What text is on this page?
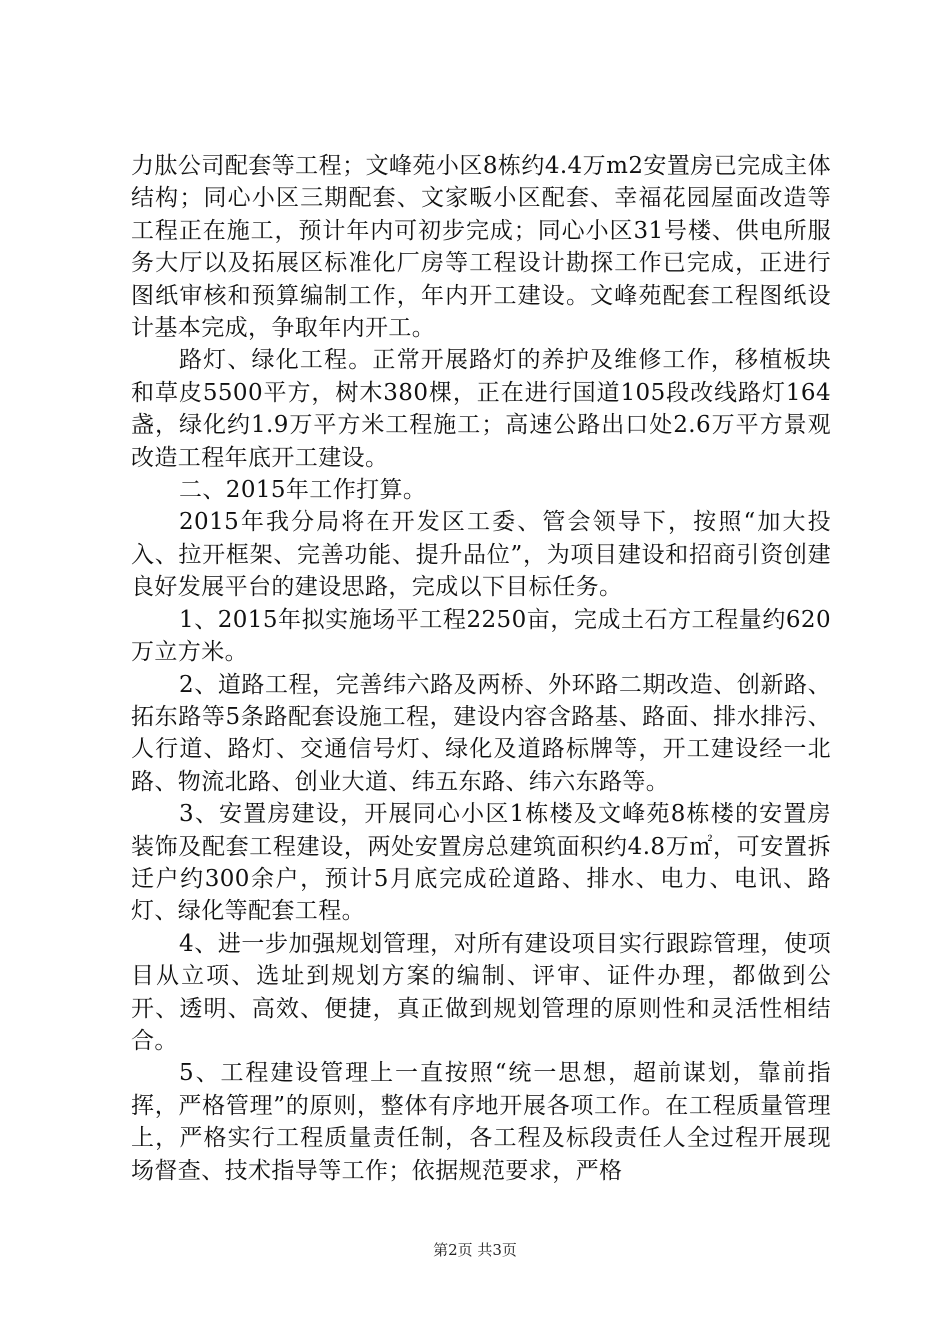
力肽公司配套等工程；文峰苑小区8栋约4.4万m2安置房已完成主体结构；同心小区三期配套、文家畈小区配套、幸福花园屋面改造等工程正在施工，预计年内可初步完成；同心小区31号楼、供电所服务大厅以及拓展区标准化厂房等工程设计勘探工作已完成，正进行图纸审核和预算编制工作，年内开工建设。文峰苑配套工程图纸设计基本完成，争取年内开工。

路灯、绿化工程。正常开展路灯的养护及维修工作，移植板块和草皮5500平方，树木380棵，正在进行国道105段改线路灯164盏，绿化约1.9万平方米工程施工；高速公路出口处2.6万平方景观改造工程年底开工建设。

二、2015年工作打算。

2015年我分局将在开发区工委、管会领导下，按照“加大投入、拉开框架、完善功能、提升品位”，为项目建设和招商引资创建良好发展平台的建设思路，完成以下目标任务。

1、2015年拟实施场平工程2250亩，完成土石方工程量约620万立方米。

2、道路工程，完善纬六路及两桥、外环路二期改造、创新路、拓东路等5条路配套设施工程，建设内容含路基、路面、排水排污、人行道、路灯、交通信号灯、绿化及道路标牌等，开工建设经一北路、物流北路、创业大道、纬五东路、纬六东路等。

3、安置房建设，开展同心小区1栋楼及文峰苑8栋楼的安置房装饰及配套工程建设，两处安置房总建筑面积约4.8万㎡，可安置拆迁户约300余户，预计5月底完成砼道路、排水、电力、电讯、路灯、绿化等配套工程。

4、进一步加强规划管理，对所有建设项目实行跟踪管理，使项目从立项、选址到规划方案的编制、评审、证件办理，都做到公开、透明、高效、便捷，真正做到规划管理的原则性和灵活性相结合。

5、工程建设管理上一直按照“统一思想，超前谋划，靠前指挥，严格管理”的原则，整体有序地开展各项工作。在工程质量管理上，严格实行工程质量责任制，各工程及标段责任人全过程开展现场督查、技术指导等工作；依据规范要求，严格

第2页 共3页
